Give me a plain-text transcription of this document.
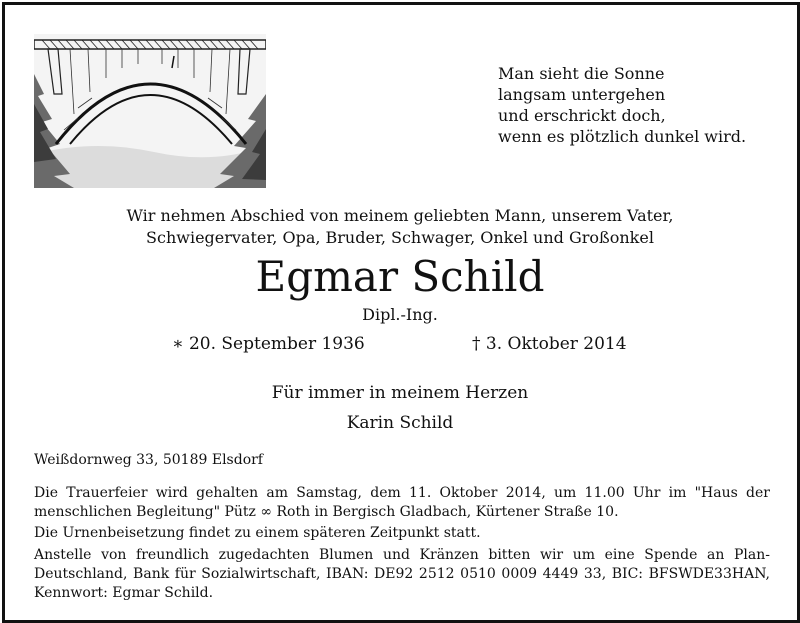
Man sieht die Sonne
langsam untergehen
und erschrickt doch,
wenn es plötzlich dunkel wird.
Wir nehmen Abschied von meinem geliebten Mann, unserem Vater,
Schwiegervater, Opa, Bruder, Schwager, Onkel und Großonkel
Egmar Schild
Dipl.-Ing.
∗ 20. September 1936	† 3. Oktober 2014
Für immer in meinem Herzen
Karin Schild
Weißdornweg 33, 50189 Elsdorf
Die Trauerfeier wird gehalten am Samstag, dem 11. Oktober 2014, um 11.00 Uhr im "Haus der menschlichen Begleitung" Pütz ∞ Roth in Bergisch Gladbach, Kürtener Straße 10.
Die Urnenbeisetzung findet zu einem späteren Zeitpunkt statt.
Anstelle von freundlich zugedachten Blumen und Kränzen bitten wir um eine Spende an Plan-Deutschland, Bank für Sozialwirtschaft, IBAN: DE92 2512 0510 0009 4449 33, BIC: BFSWDE33HAN, Kennwort: Egmar Schild.
